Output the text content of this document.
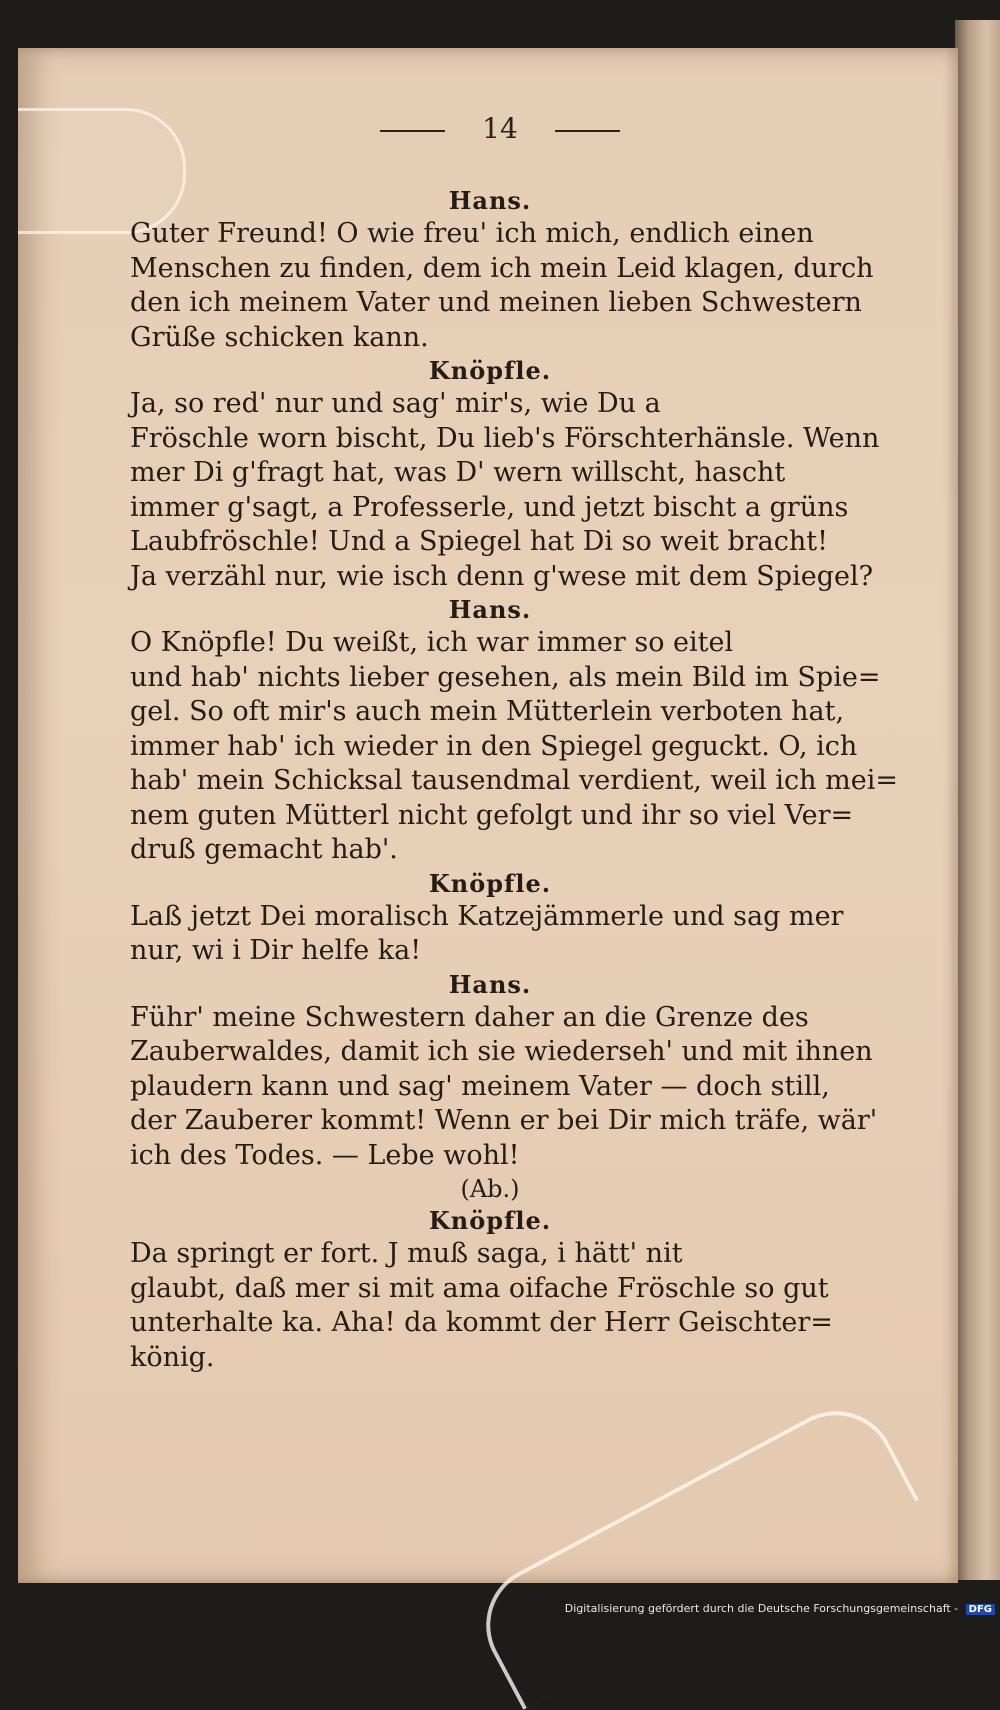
14
Hans.

Guter Freund! O wie freu' ich mich, endlich einen
Menschen zu finden, dem ich mein Leid klagen, durch
den ich meinem Vater und meinen lieben Schwestern
Grüße schicken kann.

Knöpfle.

Ja, so red' nur und sag' mir's, wie Du a
Fröschle worn bischt, Du lieb's Förschterhänsle. Wenn
mer Di g'fragt hat, was D' wern willscht, hascht
immer g'sagt, a Professerle, und jetzt bischt a grüns
Laubfröschle! Und a Spiegel hat Di so weit bracht!
Ja verzähl nur, wie isch denn g'wese mit dem Spiegel?

Hans.

O Knöpfle! Du weißt, ich war immer so eitel
und hab' nichts lieber gesehen, als mein Bild im Spie=
gel. So oft mir's auch mein Mütterlein verboten hat,
immer hab' ich wieder in den Spiegel geguckt. O, ich
hab' mein Schicksal tausendmal verdient, weil ich mei=
nem guten Mütterl nicht gefolgt und ihr so viel Ver=
druß gemacht hab'.

Knöpfle.

Laß jetzt Dei moralisch Katzejämmerle und sag mer
nur, wi i Dir helfe ka!

Hans.

Führ' meine Schwestern daher an die Grenze des
Zauberwaldes, damit ich sie wiederseh' und mit ihnen
plaudern kann und sag' meinem Vater — doch still,
der Zauberer kommt! Wenn er bei Dir mich träfe, wär'
ich des Todes. — Lebe wohl!

(Ab.)
Knöpfle.

Da springt er fort. J muß saga, i hätt' nit
glaubt, daß mer si mit ama oifache Fröschle so gut
unterhalte ka. Aha! da kommt der Herr Geischter=
könig.

Digitalisierung gefördert durch die Deutsche Forschungsgemeinschaft - DFG
